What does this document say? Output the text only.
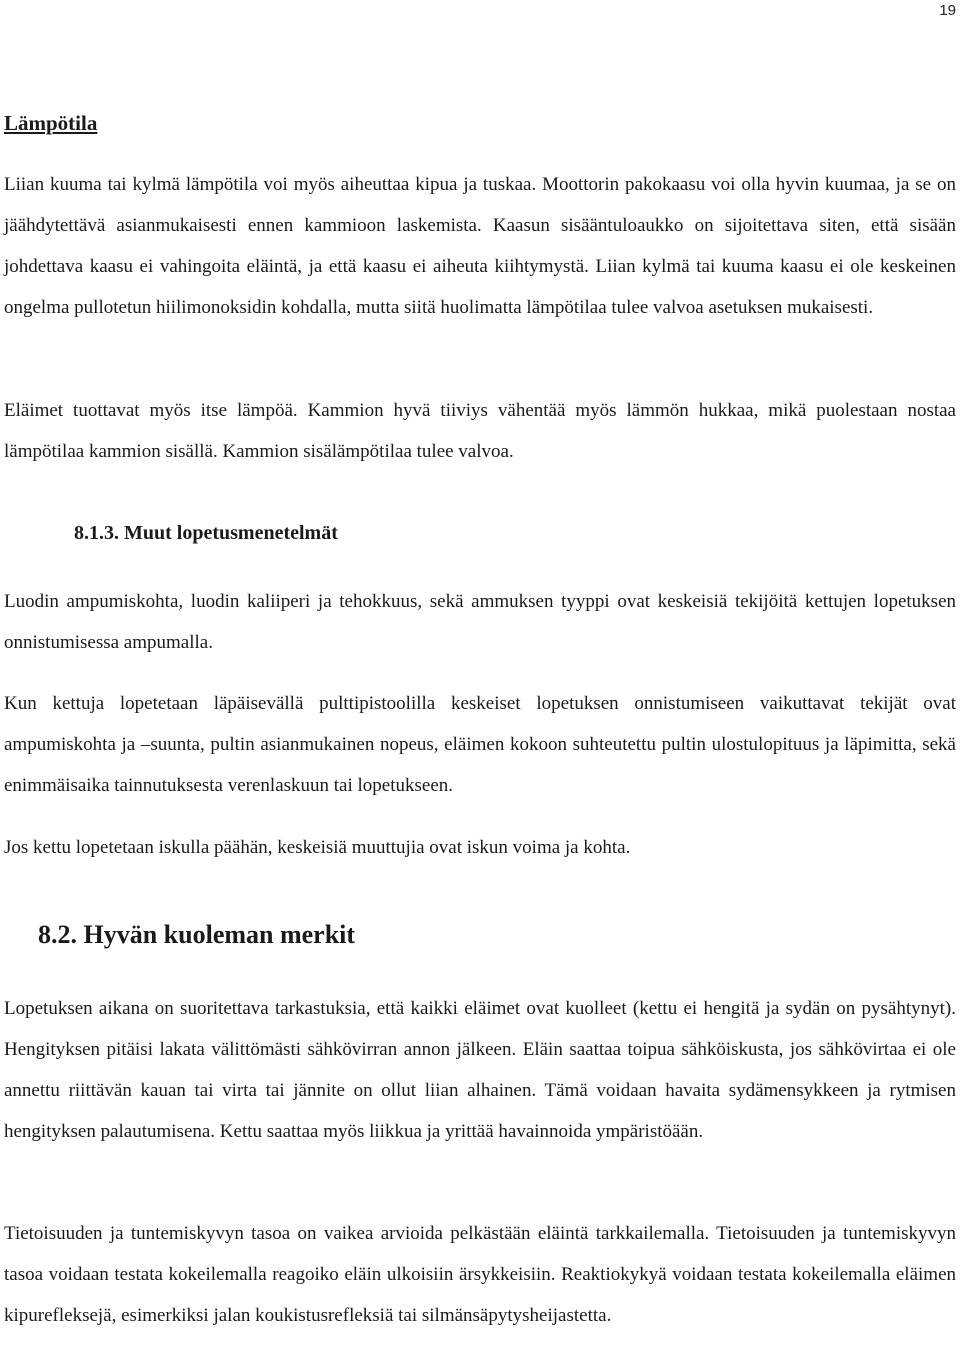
19
Lämpötila

Liian kuuma tai kylmä lämpötila voi myös aiheuttaa kipua ja tuskaa. Moottorin pakokaasu voi olla hyvin kuumaa, ja se on jäähdytettävä asianmukaisesti ennen kammioon laskemista. Kaasun sisääntuloaukko on sijoitettava siten, että sisään johdettava kaasu ei vahingoita eläintä, ja että kaasu ei aiheuta kiihtymystä. Liian kylmä tai kuuma kaasu ei ole keskeinen ongelma pullotetun hiilimonoksidin kohdalla, mutta siitä huolimatta lämpötilaa tulee valvoa asetuksen mukaisesti.

Eläimet tuottavat myös itse lämpöä. Kammion hyvä tiiviys vähentää myös lämmön hukkaa, mikä puolestaan nostaa lämpötilaa kammion sisällä. Kammion sisälämpötilaa tulee valvoa.

8.1.3. Muut lopetusmenetelmät

Luodin ampumiskohta, luodin kaliiperi ja tehokkuus, sekä ammuksen tyyppi ovat keskeisiä tekijöitä kettujen lopetuksen onnistumisessa ampumalla.

Kun kettuja lopetetaan läpäisevällä pulttipistoolilla keskeiset lopetuksen onnistumiseen vaikuttavat tekijät ovat ampumiskohta ja –suunta, pultin asianmukainen nopeus, eläimen kokoon suhteutettu pultin ulostulopituus ja läpimitta, sekä enimmäisaika tainnutuksesta verenlaskuun tai lopetukseen.

Jos kettu lopetetaan iskulla päähän, keskeisiä muuttujia ovat iskun voima ja kohta.

8.2. Hyvän kuoleman merkit

Lopetuksen aikana on suoritettava tarkastuksia, että kaikki eläimet ovat kuolleet (kettu ei hengitä ja sydän on pysähtynyt). Hengityksen pitäisi lakata välittömästi sähkövirran annon jälkeen. Eläin saattaa toipua sähköiskusta, jos sähkövirtaa ei ole annettu riittävän kauan tai virta tai jännite on ollut liian alhainen. Tämä voidaan havaita sydämensykkeen ja rytmisen hengityksen palautumisena. Kettu saattaa myös liikkua ja yrittää havainnoida ympäristöään.

Tietoisuuden ja tuntemiskyvyn tasoa on vaikea arvioida pelkästään eläintä tarkkailemalla. Tietoisuuden ja tuntemiskyvyn tasoa voidaan testata kokeilemalla reagoiko eläin ulkoisiin ärsykkeisiin. Reaktiokykyä voidaan testata kokeilemalla eläimen kipurefleksejä, esimerkiksi jalan koukistusrefleksiä tai silmänsäpytysheijastetta.
